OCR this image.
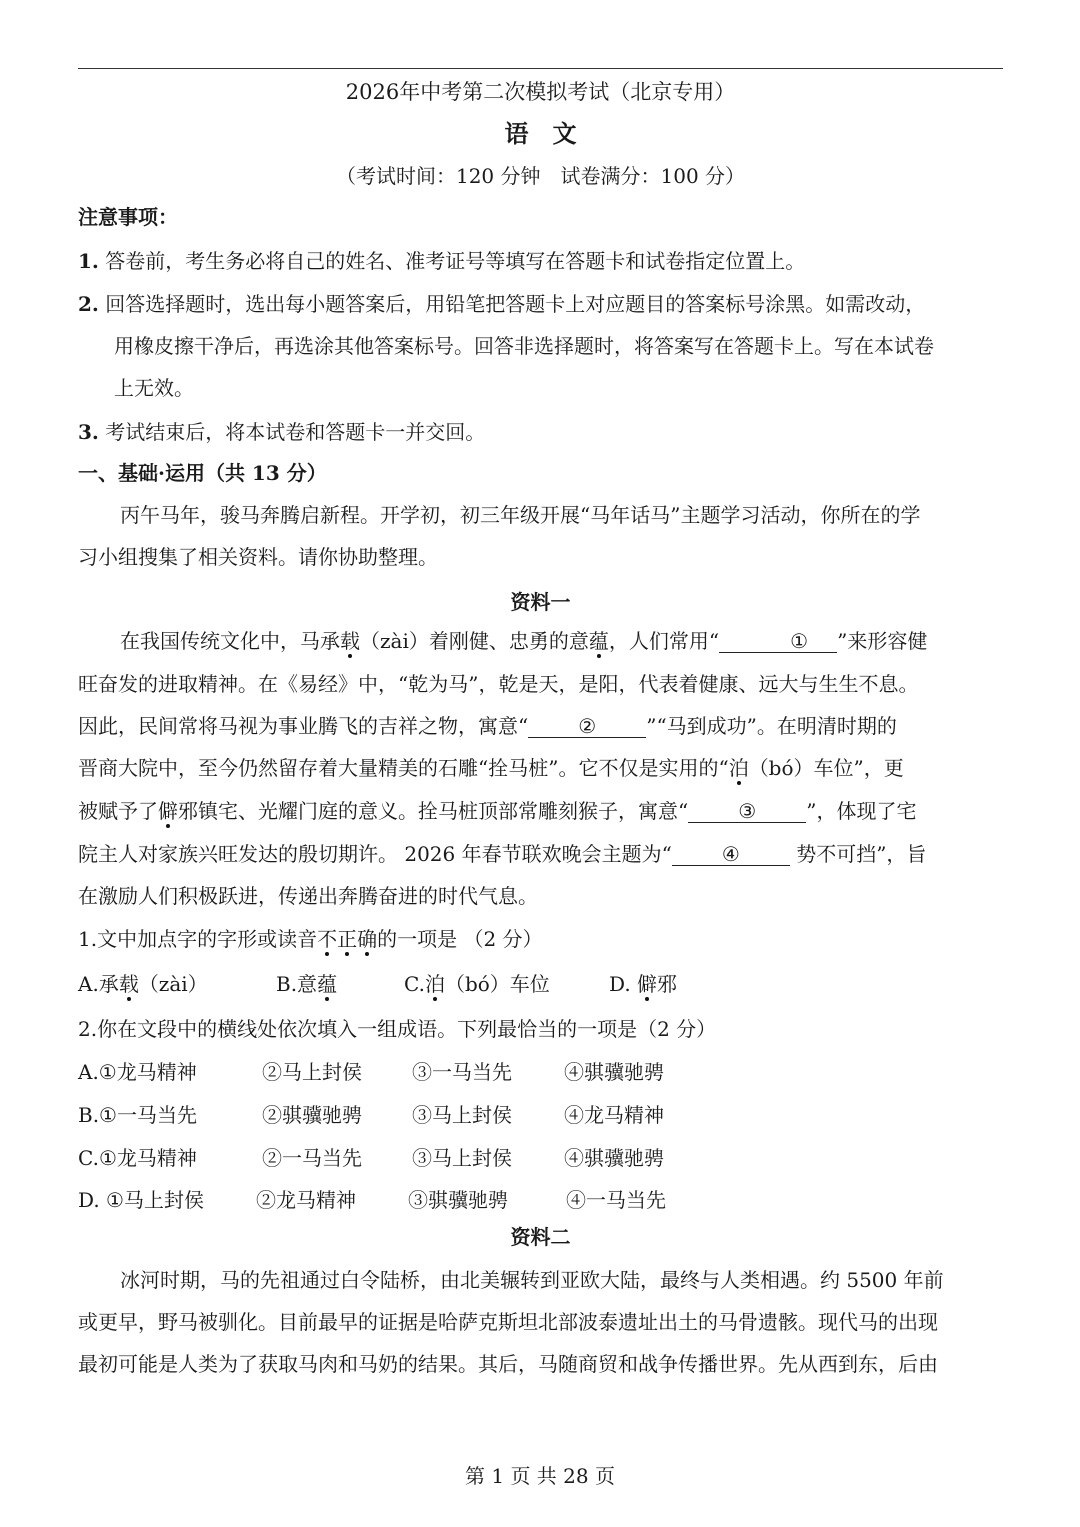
2026年中考第二次模拟考试（北京专用）
语　文
（考试时间：120 分钟　试卷满分：100 分）
注意事项：
1. 答卷前，考生务必将自己的姓名、准考证号等填写在答题卡和试卷指定位置上。
2. 回答选择题时，选出每小题答案后，用铅笔把答题卡上对应题目的答案标号涂黑。如需改动，
用橡皮擦干净后，再选涂其他答案标号。回答非选择题时，将答案写在答题卡上。写在本试卷
上无效。
3. 考试结束后，将本试卷和答题卡一并交回。
一、基础·运用（共 13 分）
丙午马年，骏马奔腾启新程。开学初，初三年级开展“马年话马”主题学习活动，你所在的学
习小组搜集了相关资料。请你协助整理。
资料一
在我国传统文化中，马承载（zài）着刚健、忠勇的意蕴，人们常用“	① ”来形容健
旺奋发的进取精神。在《易经》中，“乾为马”，乾是天，是阳，代表着健康、远大与生生不息。
因此，民间常将马视为事业腾飞的吉祥之物，寓意“	②	”“马到成功”。在明清时期的
晋商大院中，至今仍然留存着大量精美的石雕“拴马桩”。它不仅是实用的“泊（bó）车位”，更
被赋予了僻邪镇宅、光耀门庭的意义。拴马桩顶部常雕刻猴子，寓意“	③	”，体现了宅
院主人对家族兴旺发达的殷切期许。 2026 年春节联欢晚会主题为“	④	势不可挡”，旨
在激励人们积极跃进，传递出奔腾奋进的时代气息。
1.文中加点字的字形或读音不正确的一项是 （2 分）
A.承载（zài）	B.意蕴	C.泊（bó）车位	D. 僻邪
2.你在文段中的横线处依次填入一组成语。下列最恰当的一项是（2 分）
A.①龙马精神	②马上封侯	③一马当先	④骐骥驰骋
B.①一马当先	②骐骥驰骋	③马上封侯	④龙马精神
C.①龙马精神	②一马当先	③马上封侯	④骐骥驰骋
D. ①马上封侯	②龙马精神	③骐骥驰骋	④一马当先
资料二
冰河时期，马的先祖通过白令陆桥，由北美辗转到亚欧大陆，最终与人类相遇。约 5500 年前
或更早，野马被驯化。目前最早的证据是哈萨克斯坦北部波泰遗址出土的马骨遗骸。现代马的出现
最初可能是人类为了获取马肉和马奶的结果。其后，马随商贸和战争传播世界。先从西到东，后由
第 1 页 共 28 页
